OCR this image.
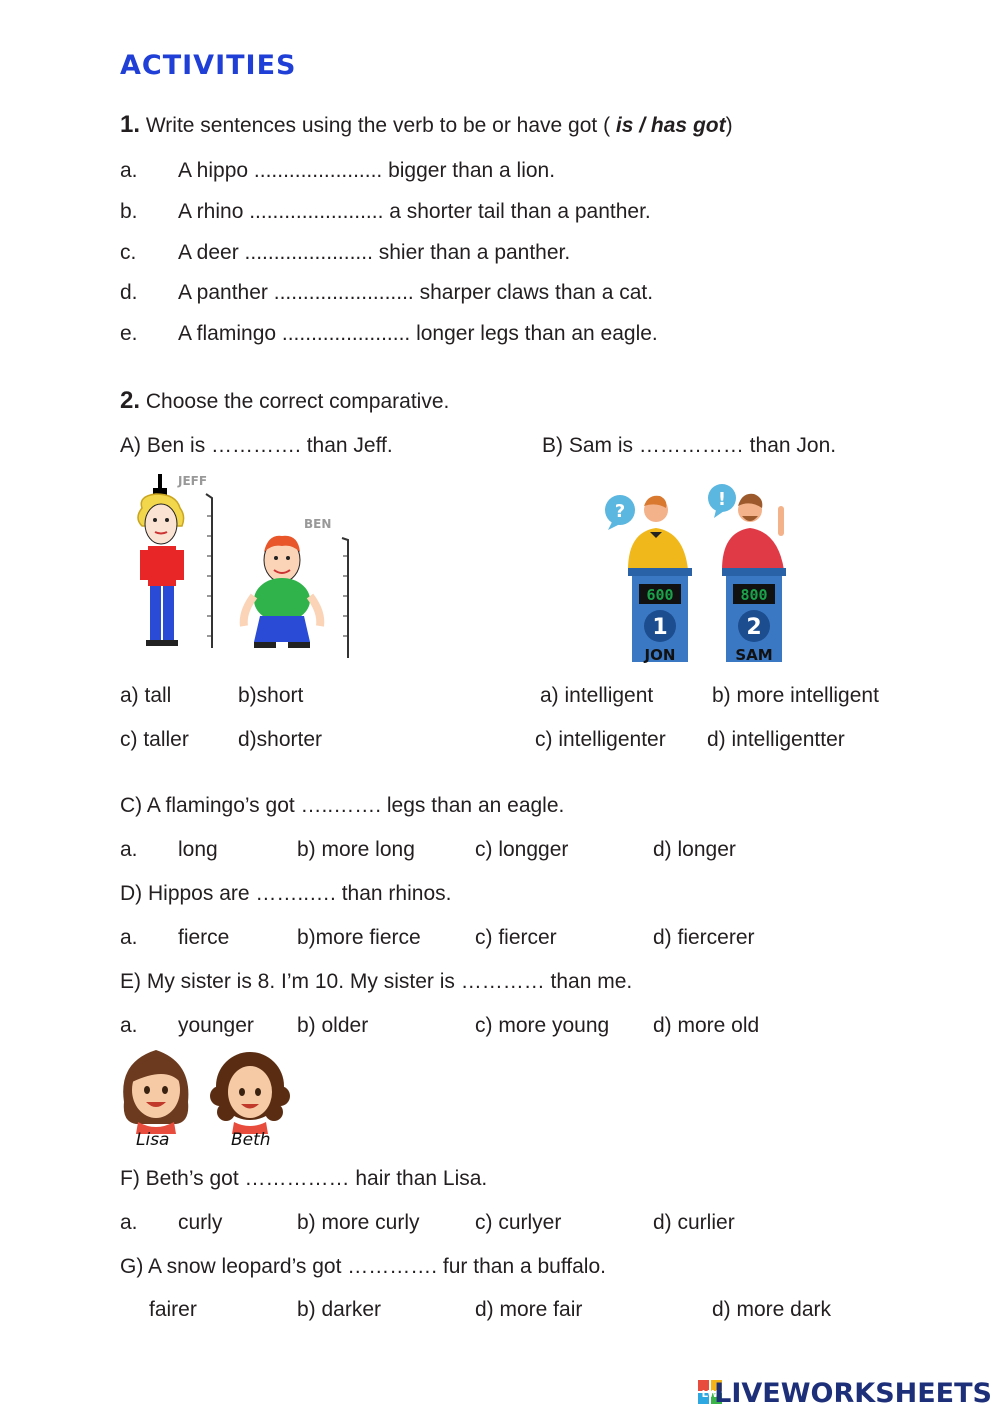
ACTIVITIES
1. Write sentences using the verb to be or have got ( is / has got)
a. A hippo ...................... bigger than a lion.
b. A rhino ....................... a shorter tail than a panther.
c. A deer ...................... shier than a panther.
d. A panther ........................ sharper claws than a cat.
e. A flamingo ...................... longer legs than an eagle.
2. Choose the correct comparative.
A) Ben is …………. than Jeff.	B) Sam is …………… than Jon.
JEFF
BEN
?
!
600	800
1	2
JON	SAM
a) tall	b)short	a) intelligent	b) more intelligent
c) taller d)shorter	c) intelligenter d) intelligentter
C) A flamingo’s got …..……. legs than an eagle.
a. long	b) more long	c) longger	d) longer
D) Hippos are ……..…. than rhinos.
a. fierce	b)more fierce	c) fiercer	d) fiercerer
E) My sister is 8. I’m 10. My sister is ………… than me.
a. younger b) older	c) more young d) more old
Lisa	Beth
F) Beth’s got …………… hair than Lisa.
a. curly	b) more curly	c) curlyer	d) curlier
G) A snow leopard’s got …………. fur than a buffalo.
fairer	b) darker	d) more fair	d) more dark
LW
LIVEWORKSHEETS
